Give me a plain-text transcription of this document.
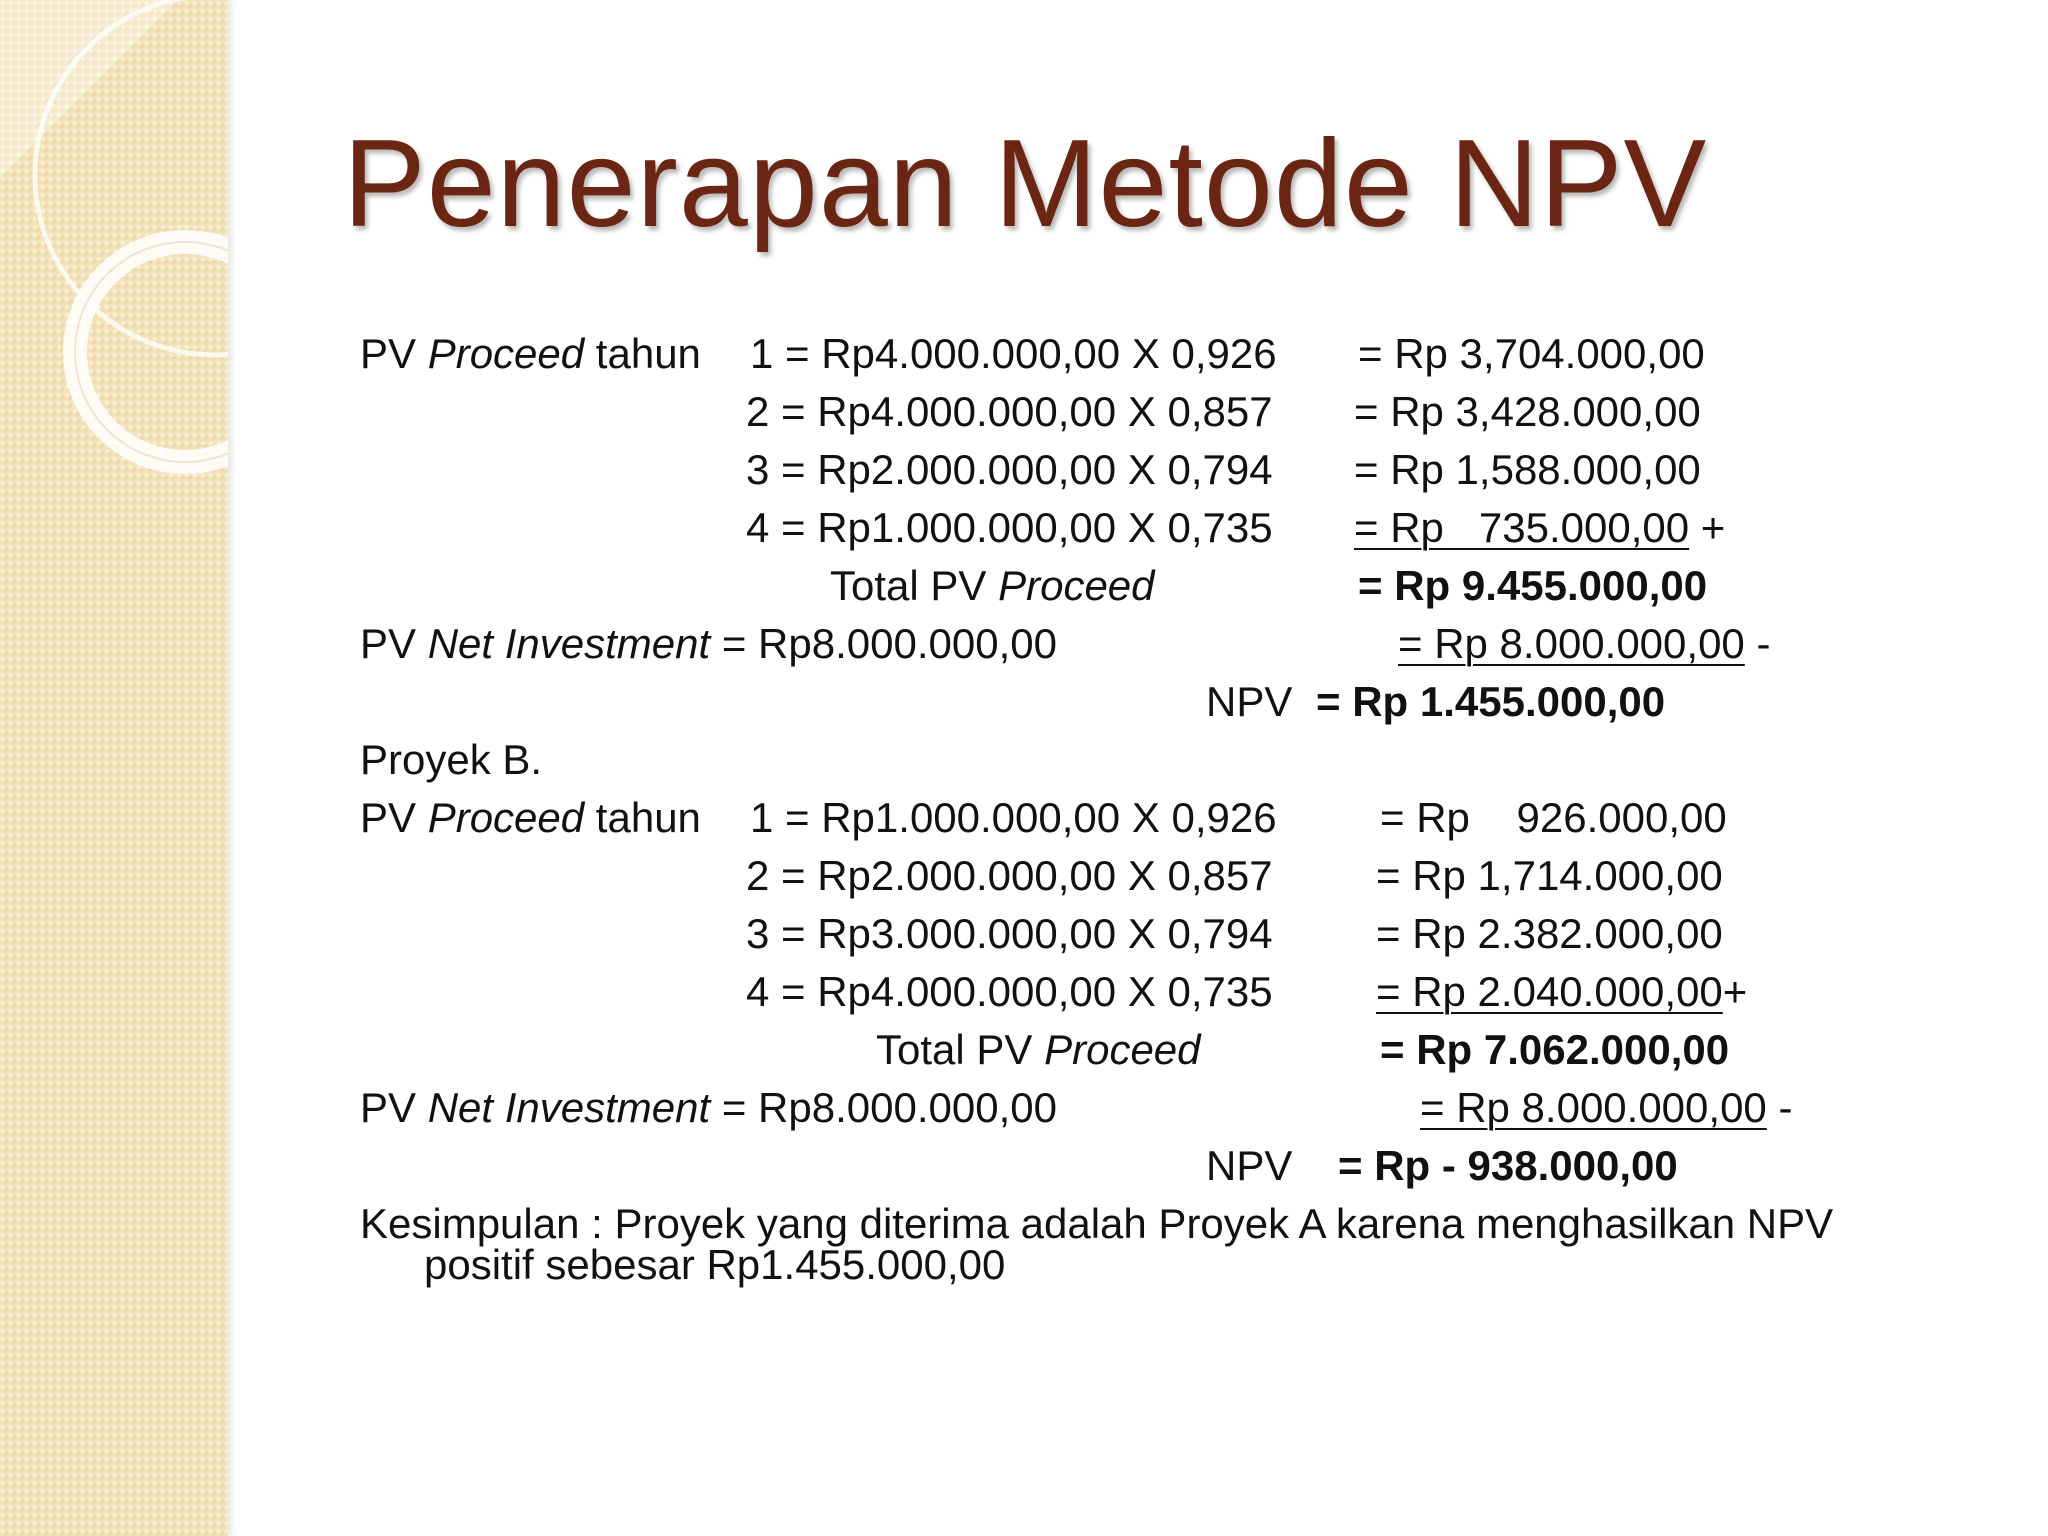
Penerapan Metode NPV
PV Proceed tahun 1 = Rp4.000.000,00 X 0,926 = Rp 3,704.000,00
2 = Rp4.000.000,00 X 0,857 = Rp 3,428.000,00
3 = Rp2.000.000,00 X 0,794 = Rp 1,588.000,00
4 = Rp1.000.000,00 X 0,735 = Rp   735.000,00 +
Total PV Proceed	= Rp 9.455.000,00
PV Net Investment = Rp8.000.000,00	= Rp 8.000.000,00 -
NPV = Rp 1.455.000,00
Proyek B.
PV Proceed tahun 1 = Rp1.000.000,00 X 0,926 = Rp    926.000,00
2 = Rp2.000.000,00 X 0,857 = Rp 1,714.000,00
3 = Rp3.000.000,00 X 0,794 = Rp 2.382.000,00
4 = Rp4.000.000,00 X 0,735 = Rp 2.040.000,00+
Total PV Proceed	= Rp 7.062.000,00
PV Net Investment = Rp8.000.000,00	= Rp 8.000.000,00 -
NPV = Rp - 938.000,00
Kesimpulan : Proyek yang diterima adalah Proyek A karena menghasilkan NPV
positif sebesar Rp1.455.000,00
